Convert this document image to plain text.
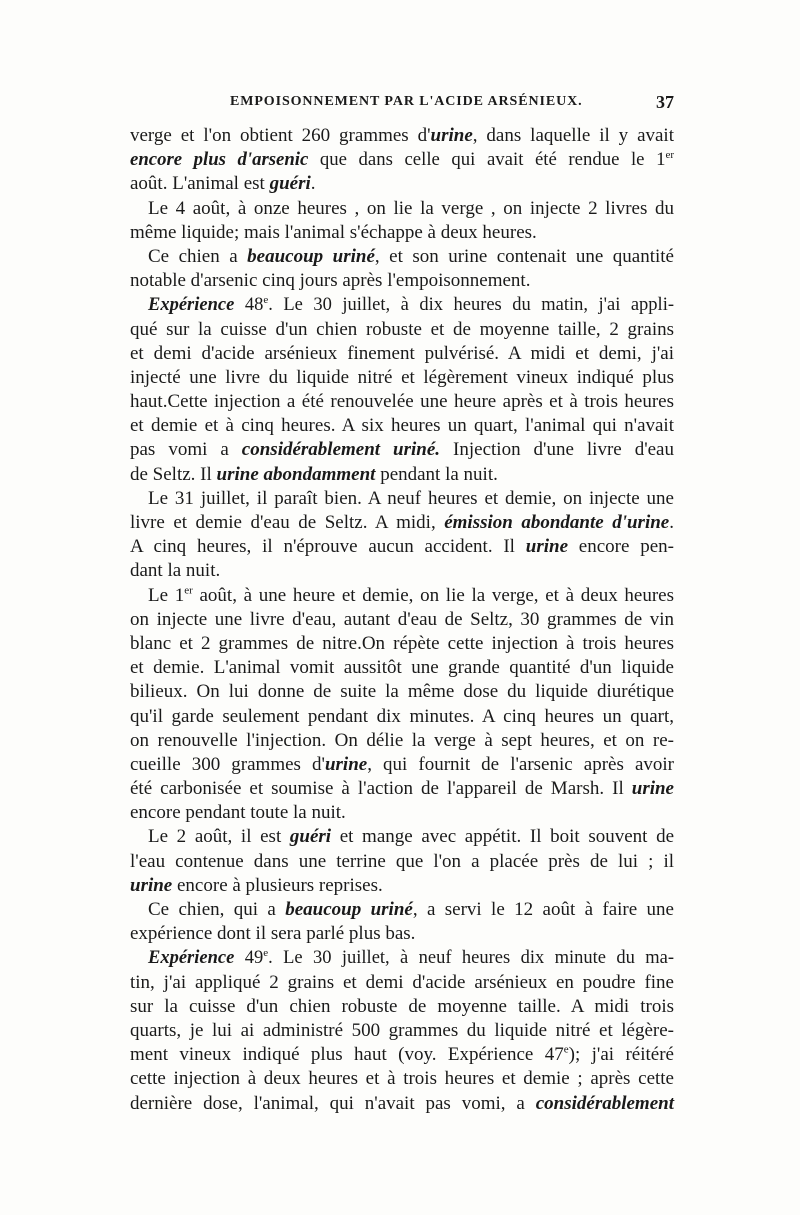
EMPOISONNEMENT PAR L'ACIDE ARSÉNIEUX.	37
verge et l'on obtient 260 grammes d'urine, dans laquelle il y avait
encore plus d'arsenic que dans celle qui avait été rendue le 1er
août. L'animal est guéri.
Le 4 août, à onze heures , on lie la verge , on injecte 2 livres du
même liquide; mais l'animal s'échappe à deux heures.
Ce chien a beaucoup uriné, et son urine contenait une quantité
notable d'arsenic cinq jours après l'empoisonnement.
Expérience 48e. Le 30 juillet, à dix heures du matin, j'ai appli-
qué sur la cuisse d'un chien robuste et de moyenne taille, 2 grains
et demi d'acide arsénieux finement pulvérisé. A midi et demi, j'ai
injecté une livre du liquide nitré et légèrement vineux indiqué plus
haut.Cette injection a été renouvelée une heure après et à trois heures
et demie et à cinq heures. A six heures un quart, l'animal qui n'avait
pas vomi a considérablement uriné. Injection d'une livre d'eau
de Seltz. Il urine abondamment pendant la nuit.
Le 31 juillet, il paraît bien. A neuf heures et demie, on injecte une
livre et demie d'eau de Seltz. A midi, émission abondante d'urine.
A cinq heures, il n'éprouve aucun accident. Il urine encore pen-
dant la nuit.
Le 1er août, à une heure et demie, on lie la verge, et à deux heures
on injecte une livre d'eau, autant d'eau de Seltz, 30 grammes de vin
blanc et 2 grammes de nitre.On répète cette injection à trois heures
et demie. L'animal vomit aussitôt une grande quantité d'un liquide
bilieux. On lui donne de suite la même dose du liquide diurétique
qu'il garde seulement pendant dix minutes. A cinq heures un quart,
on renouvelle l'injection. On délie la verge à sept heures, et on re-
cueille 300 grammes d'urine, qui fournit de l'arsenic après avoir
été carbonisée et soumise à l'action de l'appareil de Marsh. Il urine
encore pendant toute la nuit.
Le 2 août, il est guéri et mange avec appétit. Il boit souvent de
l'eau contenue dans une terrine que l'on a placée près de lui ; il
urine encore à plusieurs reprises.
Ce chien, qui a beaucoup uriné, a servi le 12 août à faire une
expérience dont il sera parlé plus bas.
Expérience 49e. Le 30 juillet, à neuf heures dix minute du ma-
tin, j'ai appliqué 2 grains et demi d'acide arsénieux en poudre fine
sur la cuisse d'un chien robuste de moyenne taille. A midi trois
quarts, je lui ai administré 500 grammes du liquide nitré et légère-
ment vineux indiqué plus haut (voy. Expérience 47e); j'ai réitéré
cette injection à deux heures et à trois heures et demie ; après cette
dernière dose, l'animal, qui n'avait pas vomi, a considérablement
